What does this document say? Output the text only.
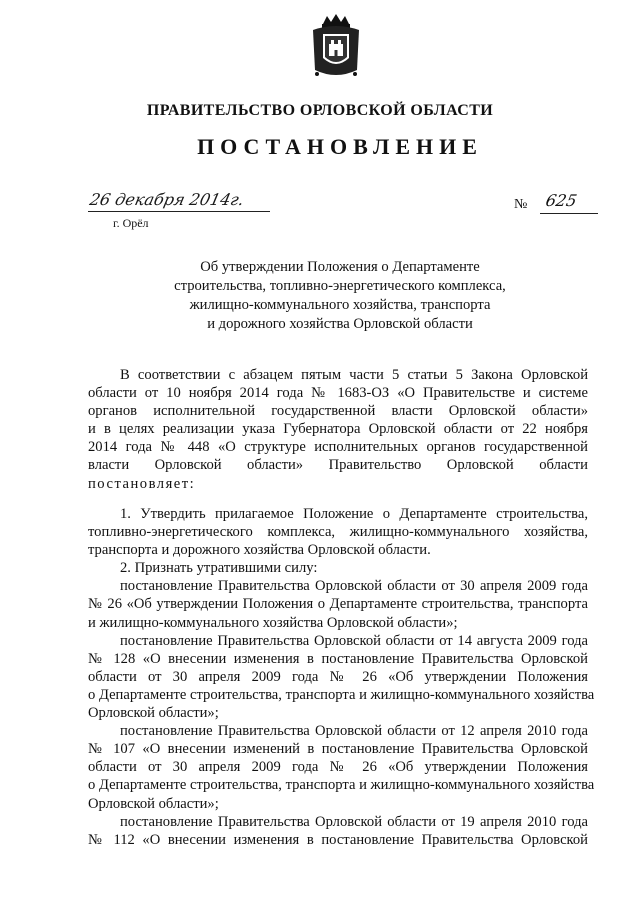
ПРАВИТЕЛЬСТВО ОРЛОВСКОЙ ОБЛАСТИ
ПОСТАНОВЛЕНИЕ
26 декабря 2014г.
г. Орёл
№ 625
Об утверждении Положения о Департаменте
строительства, топливно-энергетического комплекса,
жилищно-коммунального хозяйства, транспорта
и дорожного хозяйства Орловской области
В соответствии с абзацем пятым части 5 статьи 5 Закона Орловской
области от 10 ноября 2014 года № 1683-ОЗ «О Правительстве и системе
органов исполнительной государственной власти Орловской области»
и в целях реализации указа Губернатора Орловской области от 22 ноября
2014 года № 448 «О структуре исполнительных органов государственной
власти Орловской области» Правительство Орловской области
постановляет:
1. Утвердить прилагаемое Положение о Департаменте строительства,
топливно-энергетического комплекса, жилищно-коммунального хозяйства,
транспорта и дорожного хозяйства Орловской области.
2. Признать утратившими силу:
постановление Правительства Орловской области от 30 апреля 2009 года
№ 26 «Об утверждении Положения о Департаменте строительства, транспорта
и жилищно-коммунального хозяйства Орловской области»;
постановление Правительства Орловской области от 14 августа 2009 года
№ 128 «О внесении изменения в постановление Правительства Орловской
области от 30 апреля 2009 года № 26 «Об утверждении Положения
о Департаменте строительства, транспорта и жилищно-коммунального хозяйства
Орловской области»;
постановление Правительства Орловской области от 12 апреля 2010 года
№ 107 «О внесении изменений в постановление Правительства Орловской
области от 30 апреля 2009 года № 26 «Об утверждении Положения
о Департаменте строительства, транспорта и жилищно-коммунального хозяйства
Орловской области»;
постановление Правительства Орловской области от 19 апреля 2010 года
№ 112 «О внесении изменения в постановление Правительства Орловской
